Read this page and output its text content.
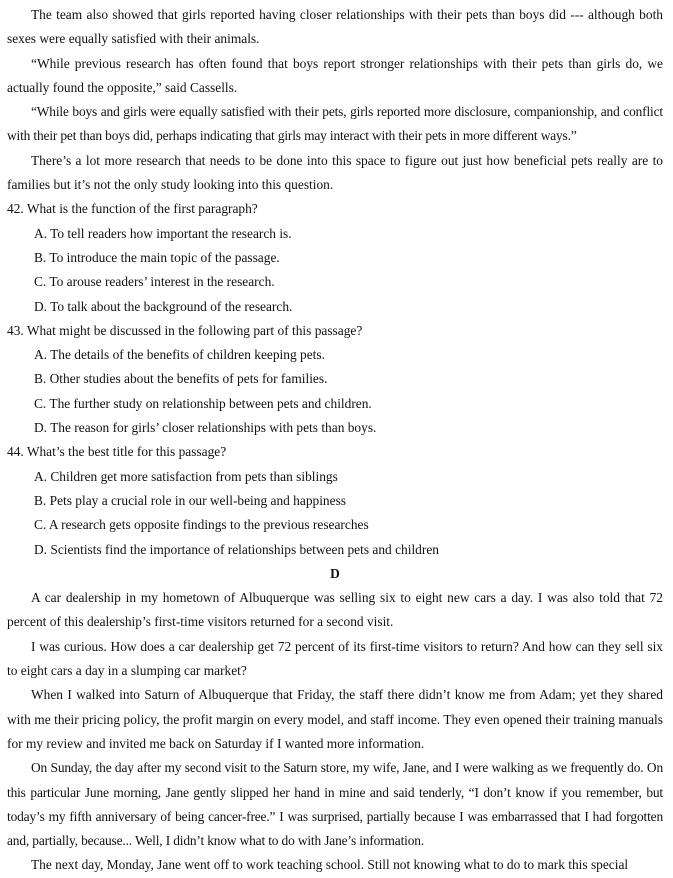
The team also showed that girls reported having closer relationships with their pets than boys did --- although both sexes were equally satisfied with their animals.

“While previous research has often found that boys report stronger relationships with their pets than girls do, we actually found the opposite,” said Cassells.

“While boys and girls were equally satisfied with their pets, girls reported more disclosure, companionship, and conflict with their pet than boys did, perhaps indicating that girls may interact with their pets in more different ways.”

There’s a lot more research that needs to be done into this space to figure out just how beneficial pets really are to families but it’s not the only study looking into this question.

42. What is the function of the first paragraph?

A. To tell readers how important the research is.

B. To introduce the main topic of the passage.

C. To arouse readers’ interest in the research.

D. To talk about the background of the research.

43. What might be discussed in the following part of this passage?

A. The details of the benefits of children keeping pets.

B. Other studies about the benefits of pets for families.

C. The further study on relationship between pets and children.

D. The reason for girls’ closer relationships with pets than boys.

44. What’s the best title for this passage?

A. Children get more satisfaction from pets than siblings

B. Pets play a crucial role in our well-being and happiness

C. A research gets opposite findings to the previous researches

D. Scientists find the importance of relationships between pets and children

D

A car dealership in my hometown of Albuquerque was selling six to eight new cars a day. I was also told that 72 percent of this dealership’s first-time visitors returned for a second visit.

I was curious. How does a car dealership get 72 percent of its first-time visitors to return? And how can they sell six to eight cars a day in a slumping car market?

When I walked into Saturn of Albuquerque that Friday, the staff there didn’t know me from Adam; yet they shared with me their pricing policy, the profit margin on every model, and staff income. They even opened their training manuals for my review and invited me back on Saturday if I wanted more information.

On Sunday, the day after my second visit to the Saturn store, my wife, Jane, and I were walking as we frequently do. On this particular June morning, Jane gently slipped her hand in mine and said tenderly, “I don’t know if you remember, but today’s my fifth anniversary of being cancer-free.” I was surprised, partially because I was embarrassed that I had forgotten and, partially, because... Well, I didn’t know what to do with Jane’s information.

The next day, Monday, Jane went off to work teaching school. Still not knowing what to do to mark this special
